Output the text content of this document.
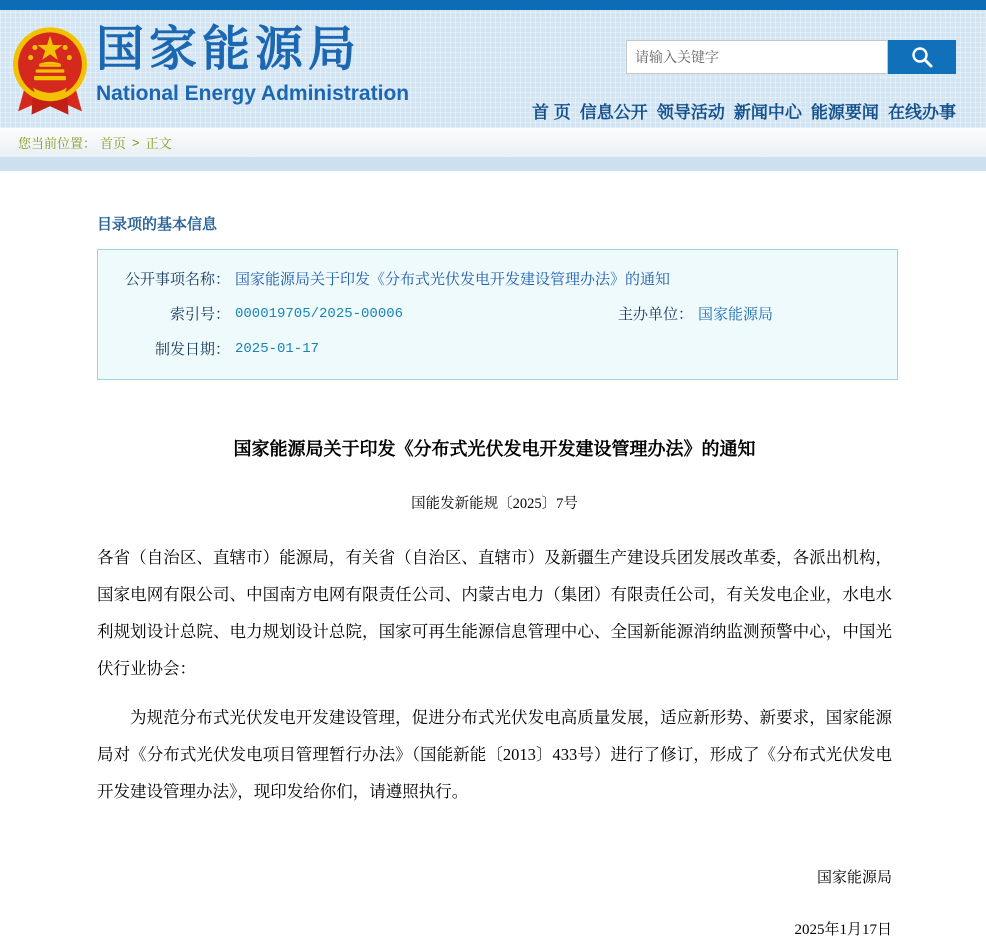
国家能源局
National Energy Administration
请输入关键字
首 页 信息公开 领导活动 新闻中心 能源要闻 在线办事
您当前位置： 首页 > 正文
目录项的基本信息
公开事项名称： 国家能源局关于印发《分布式光伏发电开发建设管理办法》的通知
索引号： 000019705/2025-00006	主办单位： 国家能源局
制发日期： 2025-01-17
国家能源局关于印发《分布式光伏发电开发建设管理办法》的通知
国能发新能规〔2025〕7号
各省（自治区、直辖市）能源局，有关省（自治区、直辖市）及新疆生产建设兵团发展改革委，各派出机构，国家电网有限公司、中国南方电网有限责任公司、内蒙古电力（集团）有限责任公司，有关发电企业，水电水利规划设计总院、电力规划设计总院，国家可再生能源信息管理中心、全国新能源消纳监测预警中心，中国光伏行业协会：
为规范分布式光伏发电开发建设管理，促进分布式光伏发电高质量发展，适应新形势、新要求，国家能源局对《分布式光伏发电项目管理暂行办法》（国能新能〔2013〕433号）进行了修订，形成了《分布式光伏发电开发建设管理办法》，现印发给你们，请遵照执行。
国家能源局
2025年1月17日
